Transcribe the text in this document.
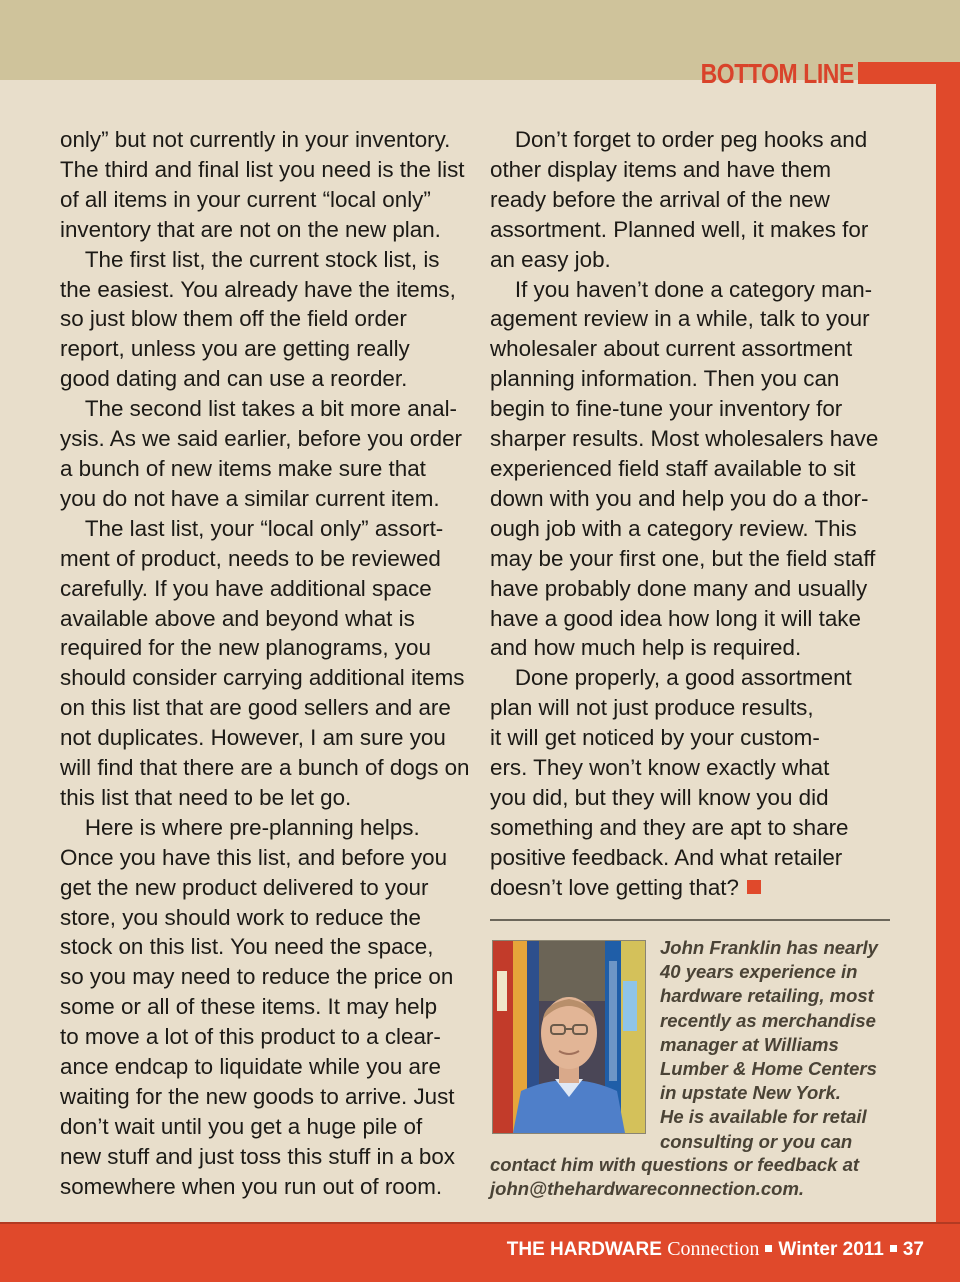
BOTTOM LINE

only” but not currently in your inventory.

The third and final list you need is the list

of all items in your current “local only”

inventory that are not on the new plan.

The first list, the current stock list, is

the easiest. You already have the items,

so just blow them off the field order

report, unless you are getting really

good dating and can use a reorder.

The second list takes a bit more anal-

ysis. As we said earlier, before you order

a bunch of new items make sure that

you do not have a similar current item.

The last list, your “local only” assort-

ment of product, needs to be reviewed

carefully. If you have additional space

available above and beyond what is

required for the new planograms, you

should consider carrying additional items

on this list that are good sellers and are

not duplicates. However, I am sure you

will find that there are a bunch of dogs on

this list that need to be let go.

Here is where pre-planning helps.

Once you have this list, and before you

get the new product delivered to your

store, you should work to reduce the

stock on this list. You need the space,

so you may need to reduce the price on

some or all of these items. It may help

to move a lot of this product to a clear-

ance endcap to liquidate while you are

waiting for the new goods to arrive. Just

don’t wait until you get a huge pile of

new stuff and just toss this stuff in a box

somewhere when you run out of room.

Don’t forget to order peg hooks and

other display items and have them

ready before the arrival of the new

assortment. Planned well, it makes for

an easy job.

If you haven’t done a category man-

agement review in a while, talk to your

wholesaler about current assortment

planning information. Then you can

begin to fine-tune your inventory for

sharper results. Most wholesalers have

experienced field staff available to sit

down with you and help you do a thor-

ough job with a category review. This

may be your first one, but the field staff

have probably done many and usually

have a good idea how long it will take

and how much help is required.

Done properly, a good assortment

plan will not just produce results,

it will get noticed by your custom-

ers. They won’t know exactly what

you did, but they will know you did

something and they are apt to share

positive feedback. And what retailer

doesn’t love getting that?

John Franklin has nearly

40 years experience in

hardware retailing, most

recently as merchandise

manager at Williams

Lumber & Home Centers

in upstate New York.

He is available for retail

consulting or you can

contact him with questions or feedback at

john@thehardwareconnection.com.

THE HARDWARE Connection Winter 2011 37
